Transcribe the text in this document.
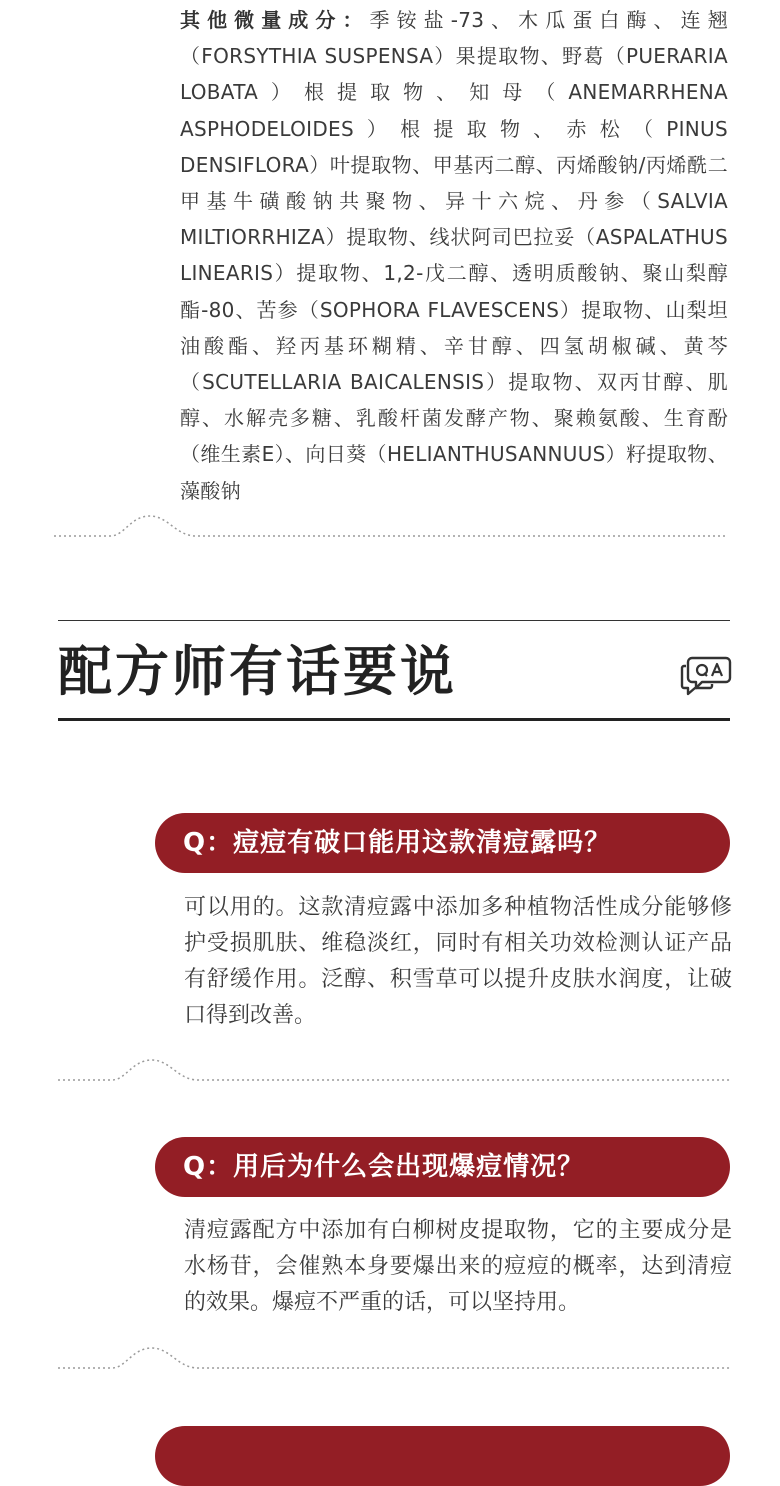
其他微量成分：季铵盐-73、木瓜蛋白酶、连翘（FORSYTHIA SUSPENSA）果提取物、野葛（PUERARIA LOBATA）根提取物、知母（ANEMARRHENA ASPHODELOIDES）根提取物、赤松（PINUS DENSIFLORA）叶提取物、甲基丙二醇、丙烯酸钠/丙烯酰二甲基牛磺酸钠共聚物、异十六烷、丹参（SALVIA MILTIORRHIZA）提取物、线状阿司巴拉妥（ASPALATHUS LINEARIS）提取物、1,2-戊二醇、透明质酸钠、聚山梨醇酯-80、苦参（SOPHORA FLAVESCENS）提取物、山梨坦油酸酯、羟丙基环糊精、辛甘醇、四氢胡椒碱、黄芩（SCUTELLARIA BAICALENSIS）提取物、双丙甘醇、肌醇、水解壳多糖、乳酸杆菌发酵产物、聚赖氨酸、生育酚（维生素E）、向日葵（HELIANTHUSANNUUS）籽提取物、藻酸钠
配方师有话要说
Q：痘痘有破口能用这款清痘露吗？
可以用的。这款清痘露中添加多种植物活性成分能够修护受损肌肤、维稳淡红，同时有相关功效检测认证产品有舒缓作用。泛醇、积雪草可以提升皮肤水润度，让破口得到改善。
Q：用后为什么会出现爆痘情况？
清痘露配方中添加有白柳树皮提取物，它的主要成分是水杨苷，会催熟本身要爆出来的痘痘的概率，达到清痘的效果。爆痘不严重的话，可以坚持用。
